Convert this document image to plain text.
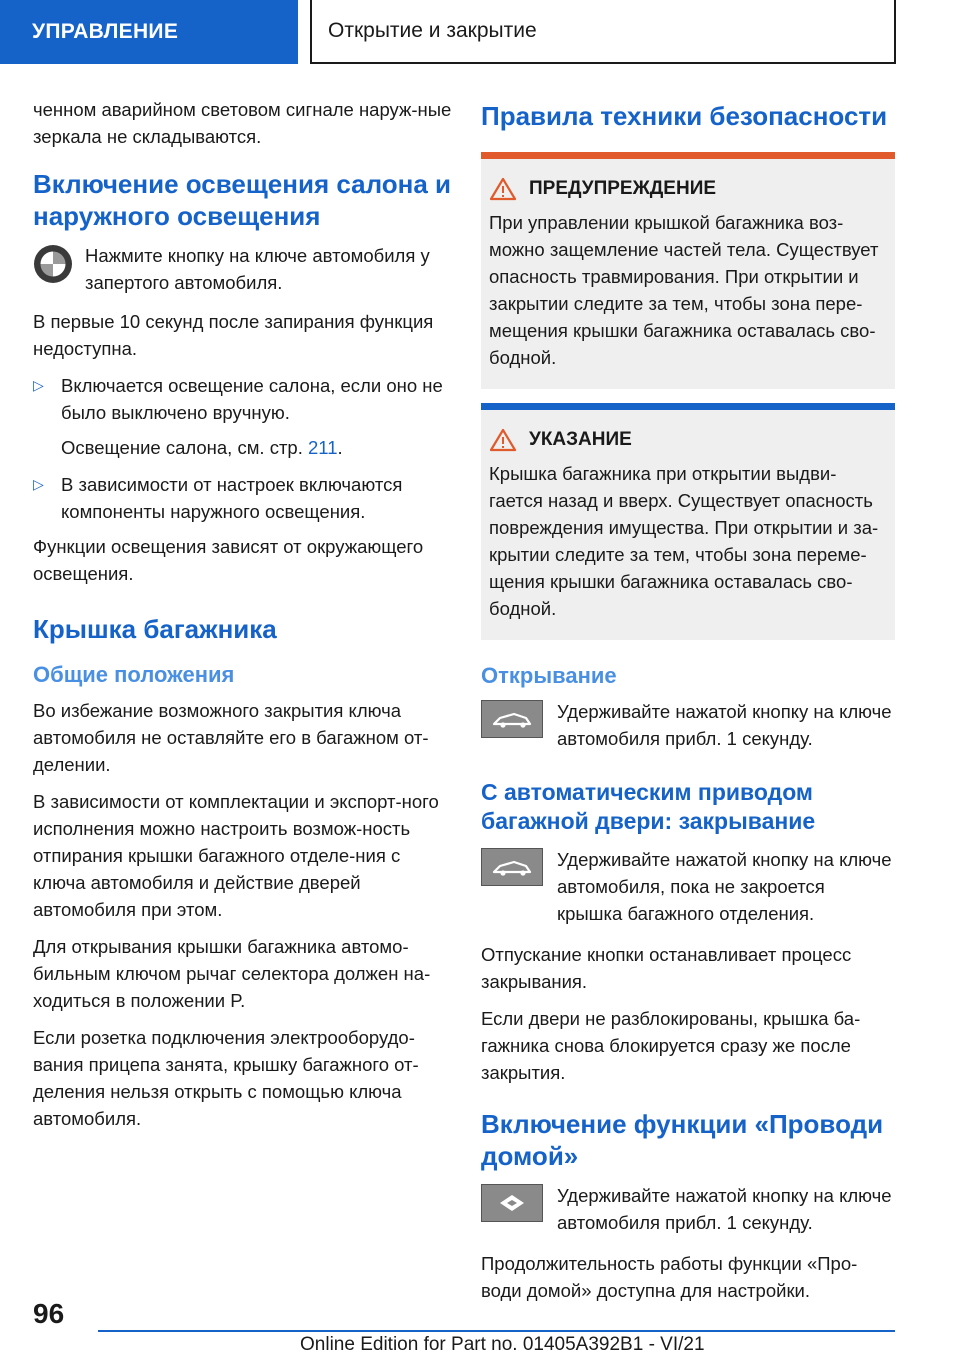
УПРАВЛЕНИЕ	Открытие и закрытие

ченном аварийном световом сигнале наруж-ные зеркала не складываются.

Включение освещения салона и наружного освещения

Нажмите кнопку на ключе автомобиля у запертого автомобиля.

В первые 10 секунд после запирания функция недоступна.

▷ Включается освещение салона, если оно не было выключено вручную.

Освещение салона, см. стр. 211.

▷ В зависимости от настроек включаются компоненты наружного освещения.

Функции освещения зависят от окружающего освещения.

Крышка багажника
Общие положения

Во избежание возможного закрытия ключа автомобиля не оставляйте его в багажном от-делении.

В зависимости от комплектации и экспорт-ного исполнения можно настроить возмож-ность отпирания крышки багажного отделе-ния с ключа автомобиля и действие дверей автомобиля при этом.

Для открывания крышки багажника автомо-бильным ключом рычаг селектора должен на-ходиться в положении P.

Если розетка подключения электрооборудо-вания прицепа занята, крышку багажного от-деления нельзя открыть с помощью ключа автомобиля.

Правила техники безопасности
ПРЕДУПРЕЖДЕНИЕ

При управлении крышкой багажника воз-можно защемление частей тела. Существует опасность травмирования. При открытии и закрытии следите за тем, чтобы зона пере-мещения крышки багажника оставалась сво-бодной.

УКАЗАНИЕ

Крышка багажника при открытии выдви-гается назад и вверх. Существует опасность повреждения имущества. При открытии и за-крытии следите за тем, чтобы зона переме-щения крышки багажника оставалась сво-бодной.

Открывание

Удерживайте нажатой кнопку на ключе автомобиля прибл. 1 секунду.

С автоматическим приводом багажной двери: закрывание

Удерживайте нажатой кнопку на ключе автомобиля, пока не закроется крышка багажного отделения.

Отпускание кнопки останавливает процесс закрывания.

Если двери не разблокированы, крышка ба-гажника снова блокируется сразу же после закрытия.

Включение функции «Проводи домой»

Удерживайте нажатой кнопку на ключе автомобиля прибл. 1 секунду.

Продолжительность работы функции «Про-води домой» доступна для настройки.

96
Online Edition for Part no. 01405A392B1 - VI/21
